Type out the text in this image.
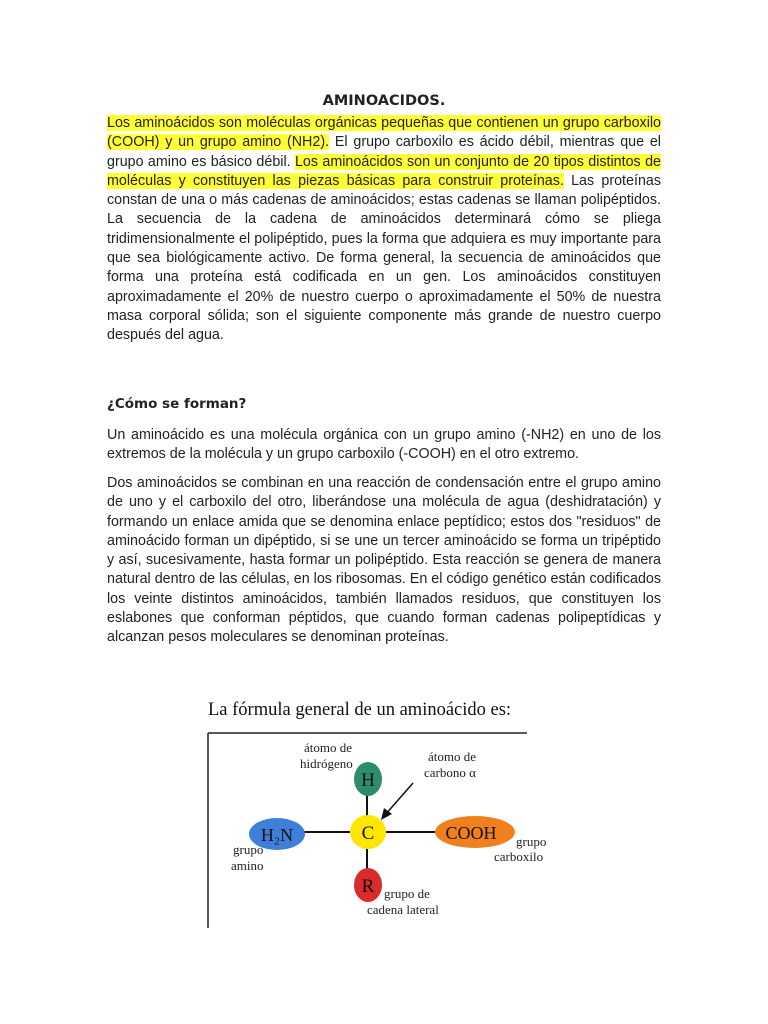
AMINOACIDOS.

Los aminoácidos son moléculas orgánicas pequeñas que contienen un grupo carboxilo (COOH) y un grupo amino (NH2). El grupo carboxilo es ácido débil, mientras que el grupo amino es básico débil. Los aminoácidos son un conjunto de 20 tipos distintos de moléculas y constituyen las piezas básicas para construir proteínas. Las proteínas constan de una o más cadenas de aminoácidos; estas cadenas se llaman polipéptidos. La secuencia de la cadena de aminoácidos determinará cómo se pliega tridimensionalmente el polipéptido, pues la forma que adquiera es muy importante para que sea biológicamente activo. De forma general, la secuencia de aminoácidos que forma una proteína está codificada en un gen. Los aminoácidos constituyen aproximadamente el 20% de nuestro cuerpo o aproximadamente el 50% de nuestra masa corporal sólida; son el siguiente componente más grande de nuestro cuerpo después del agua.

¿Cómo se forman?

Un aminoácido es una molécula orgánica con un grupo amino (-NH2) en uno de los extremos de la molécula y un grupo carboxilo (-COOH) en el otro extremo.

Dos aminoácidos se combinan en una reacción de condensación entre el grupo amino de uno y el carboxilo del otro, liberándose una molécula de agua (deshidratación) y formando un enlace amida que se denomina enlace peptídico; estos dos "residuos" de aminoácido forman un dipéptido, si se une un tercer aminoácido se forma un tripéptido y así, sucesivamente, hasta formar un polipéptido. Esta reacción se genera de manera natural dentro de las células, en los ribosomas. En el código genético están codificados los veinte distintos aminoácidos, también llamados residuos, que constituyen los eslabones que conforman péptidos, que cuando forman cadenas polipeptídicas y alcanzan pesos moleculares se denominan proteínas.

La fórmula general de un aminoácido es:
H
C
R
H₂N	COOH
átomo de
hidrógeno	átomo de
carbono α
grupo
amino
grupo
carboxilo
grupo de
cadena lateral
